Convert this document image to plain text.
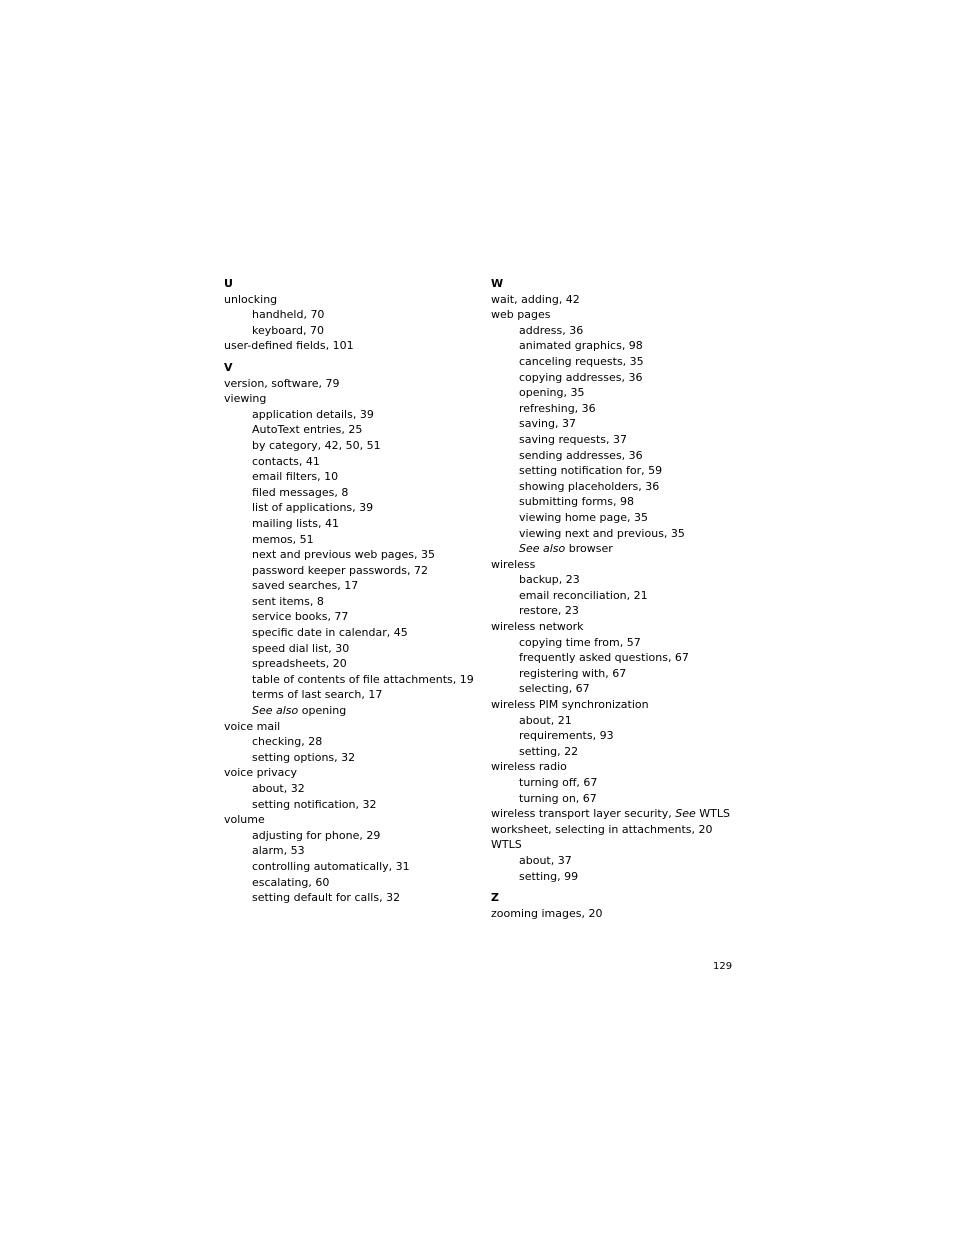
U
unlocking
handheld, 70
keyboard, 70
user-defined fields, 101
V
version, software, 79
viewing
application details, 39
AutoText entries, 25
by category, 42, 50, 51
contacts, 41
email filters, 10
filed messages, 8
list of applications, 39
mailing lists, 41
memos, 51
next and previous web pages, 35
password keeper passwords, 72
saved searches, 17
sent items, 8
service books, 77
specific date in calendar, 45
speed dial list, 30
spreadsheets, 20
table of contents of file attachments, 19
terms of last search, 17
See also opening
voice mail
checking, 28
setting options, 32
voice privacy
about, 32
setting notification, 32
volume
adjusting for phone, 29
alarm, 53
controlling automatically, 31
escalating, 60
setting default for calls, 32
W
wait, adding, 42
web pages
address, 36
animated graphics, 98
canceling requests, 35
copying addresses, 36
opening, 35
refreshing, 36
saving, 37
saving requests, 37
sending addresses, 36
setting notification for, 59
showing placeholders, 36
submitting forms, 98
viewing home page, 35
viewing next and previous, 35
See also browser
wireless
backup, 23
email reconciliation, 21
restore, 23
wireless network
copying time from, 57
frequently asked questions, 67
registering with, 67
selecting, 67
wireless PIM synchronization
about, 21
requirements, 93
setting, 22
wireless radio
turning off, 67
turning on, 67
wireless transport layer security, See WTLS
worksheet, selecting in attachments, 20
WTLS
about, 37
setting, 99
Z
zooming images, 20
129
